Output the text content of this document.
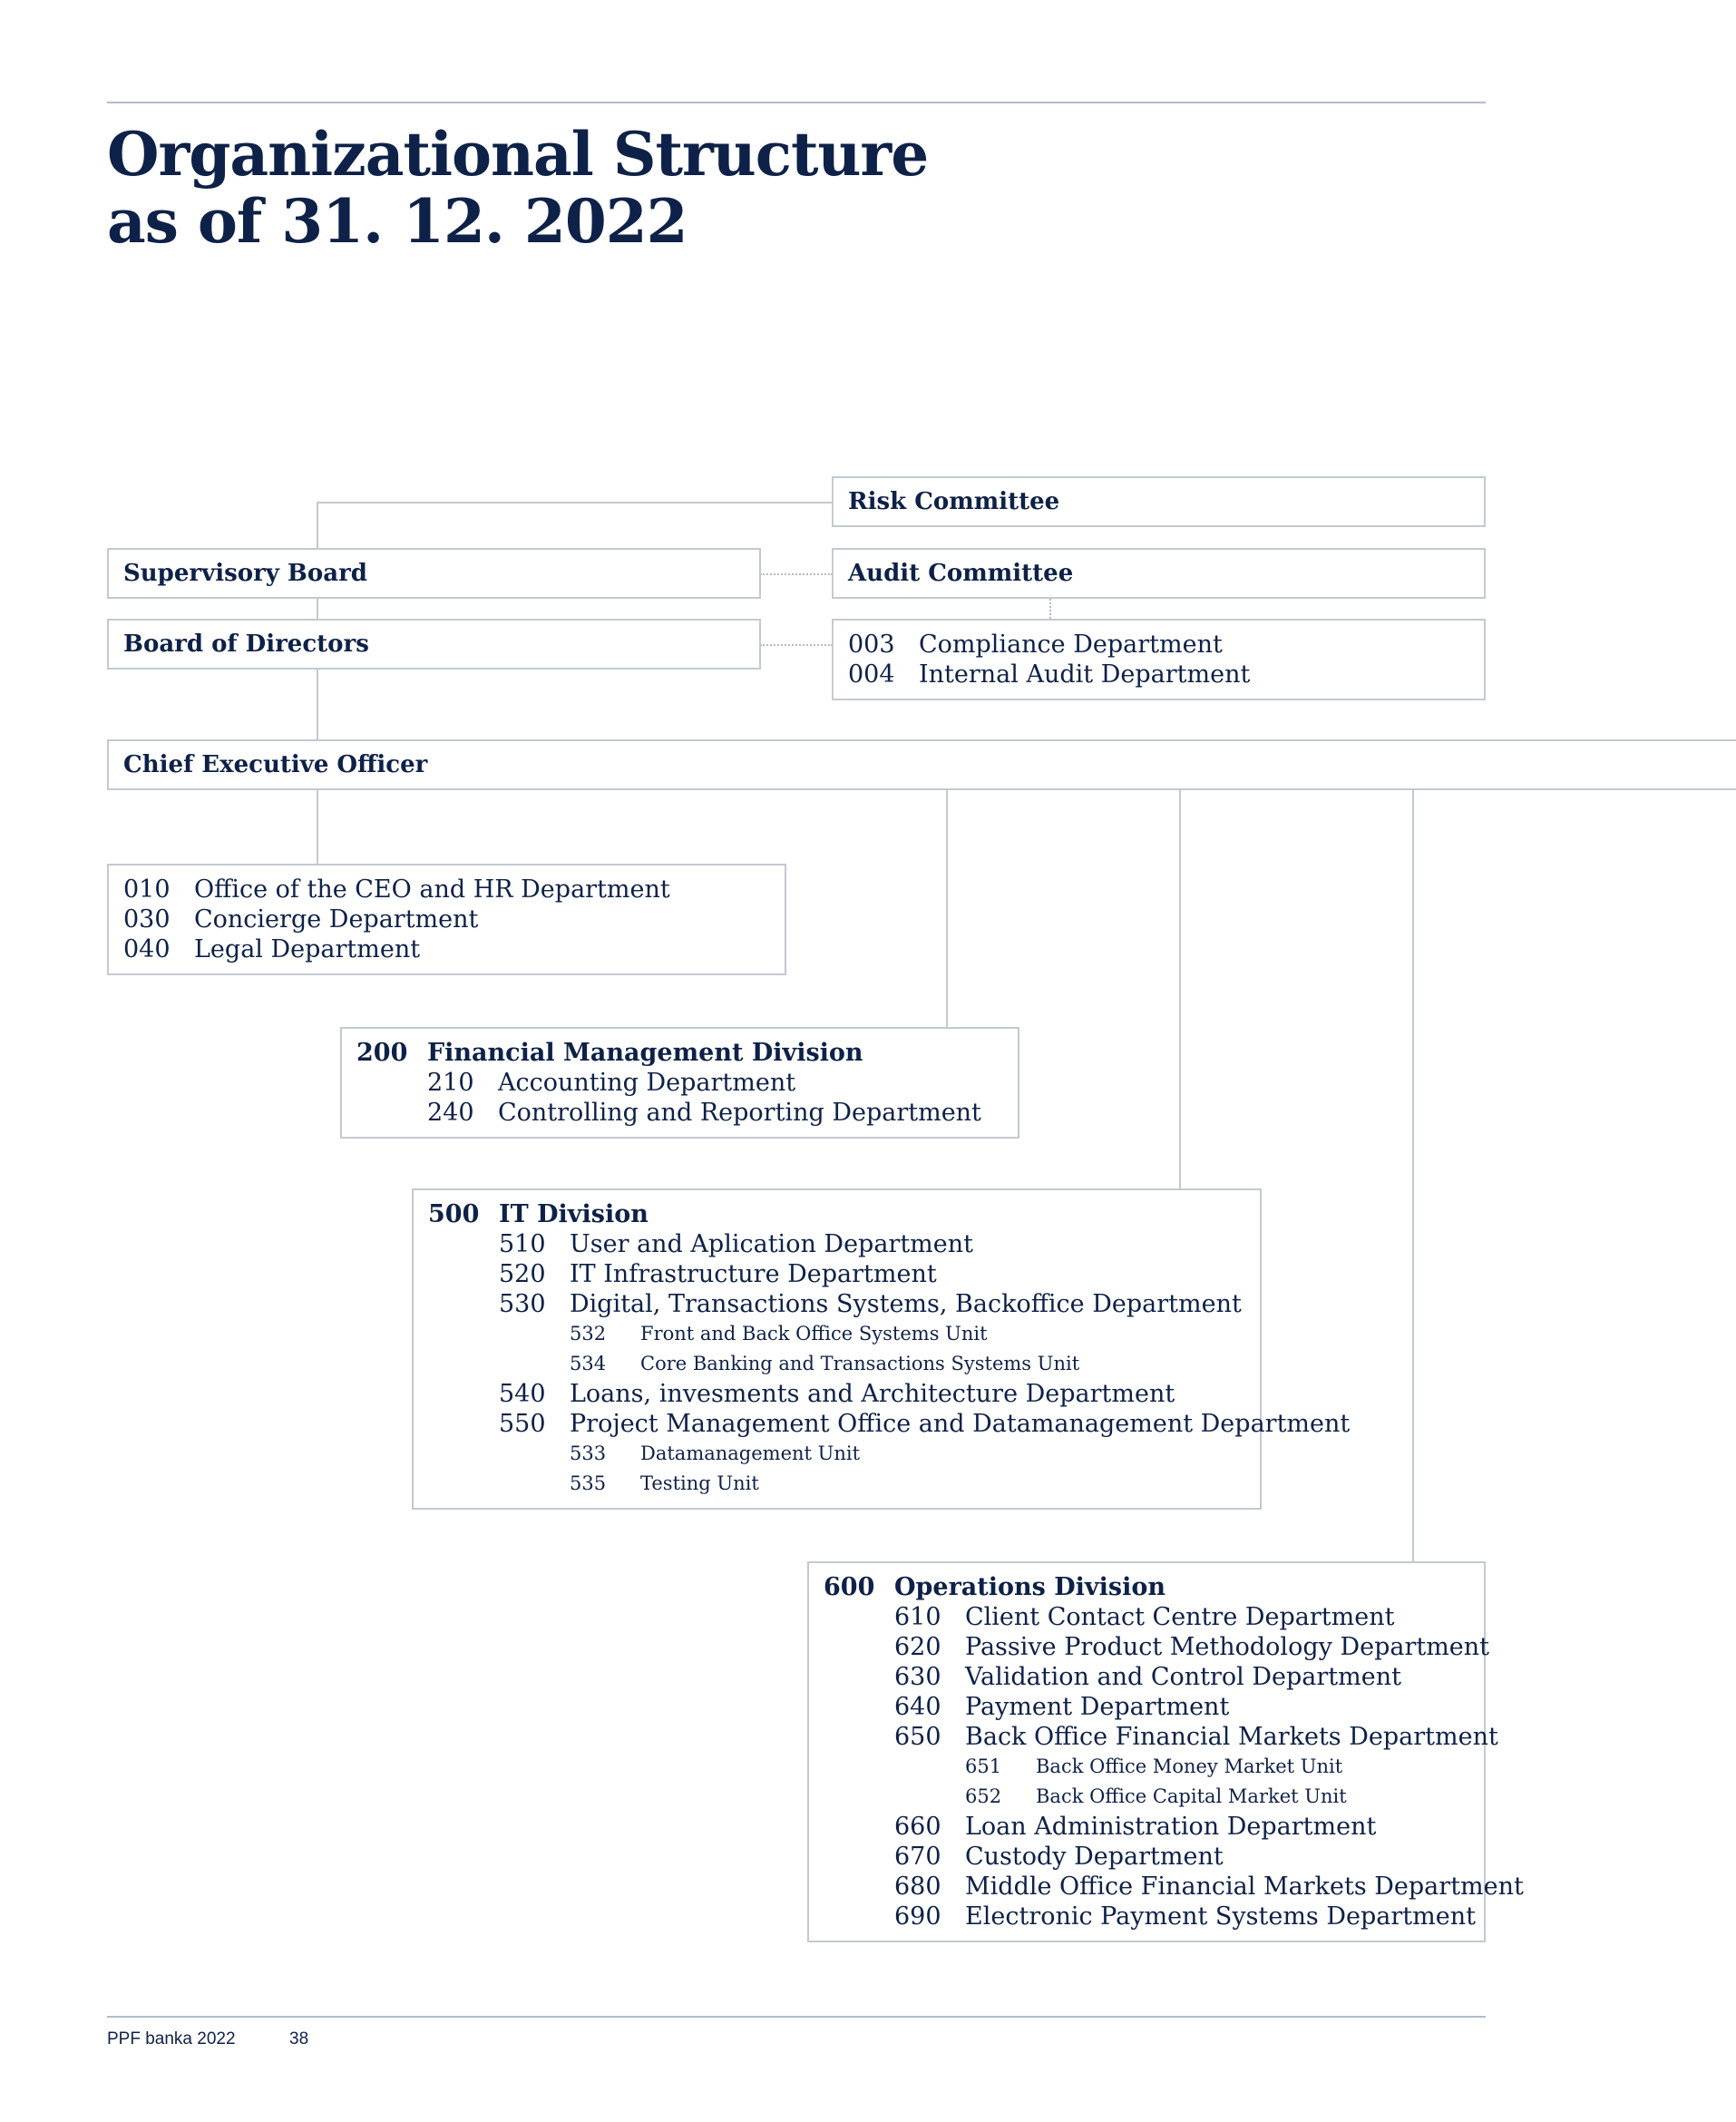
Organizational Structure
as of 31. 12. 2022
Risk Committee
Supervisory Board	Audit Committee
Board of Directors	003 Compliance Department
004 Internal Audit Department
Chief Executive Officer
010 Office of the CEO and HR Department
030 Concierge Department
040 Legal Department
200 Financial Management Division
210 Accounting Department
240 Controlling and Reporting Department
500 IT Division
510 User and Aplication Department
520 IT Infrastructure Department
530 Digital, Transactions Systems, Backoffice Department
532	Front and Back Office Systems Unit
534	Core Banking and Transactions Systems Unit
540 Loans, invesments and Architecture Department
550 Project Management Office and Datamanagement Department
533	Datamanagement Unit
535	Testing Unit
600 Operations Division
610 Client Contact Centre Department
620 Passive Product Methodology Department
630 Validation and Control Department
640 Payment Department
650 Back Office Financial Markets Department
651	Back Office Money Market Unit
652	Back Office Capital Market Unit
660 Loan Administration Department
670 Custody Department
680 Middle Office Financial Markets Department
690 Electronic Payment Systems Department
PPF banka 2022	38
